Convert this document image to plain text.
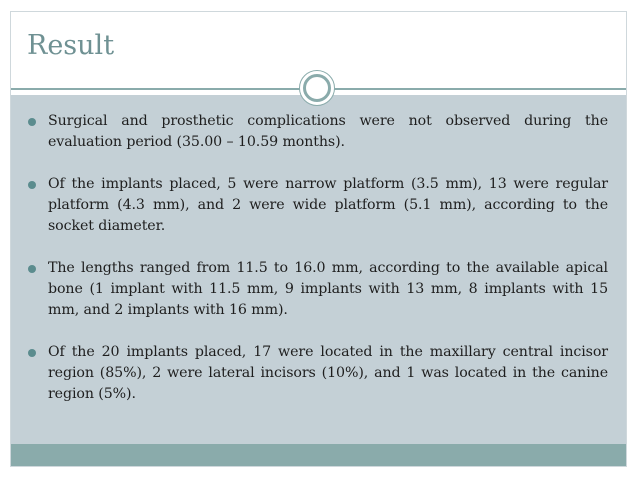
Result
Surgical and prosthetic complications were not observed during the evaluation period (35.00 – 10.59 months).
Of the implants placed, 5 were narrow platform (3.5 mm), 13 were regular platform (4.3 mm), and 2 were wide platform (5.1 mm), according to the socket diameter.
The lengths ranged from 11.5 to 16.0 mm, according to the available apical bone (1 implant with 11.5 mm, 9 implants with 13 mm, 8 implants with 15 mm, and 2 implants with 16 mm).
Of the 20 implants placed, 17 were located in the maxillary central incisor region (85%), 2 were lateral incisors (10%), and 1 was located in the canine region (5%).
